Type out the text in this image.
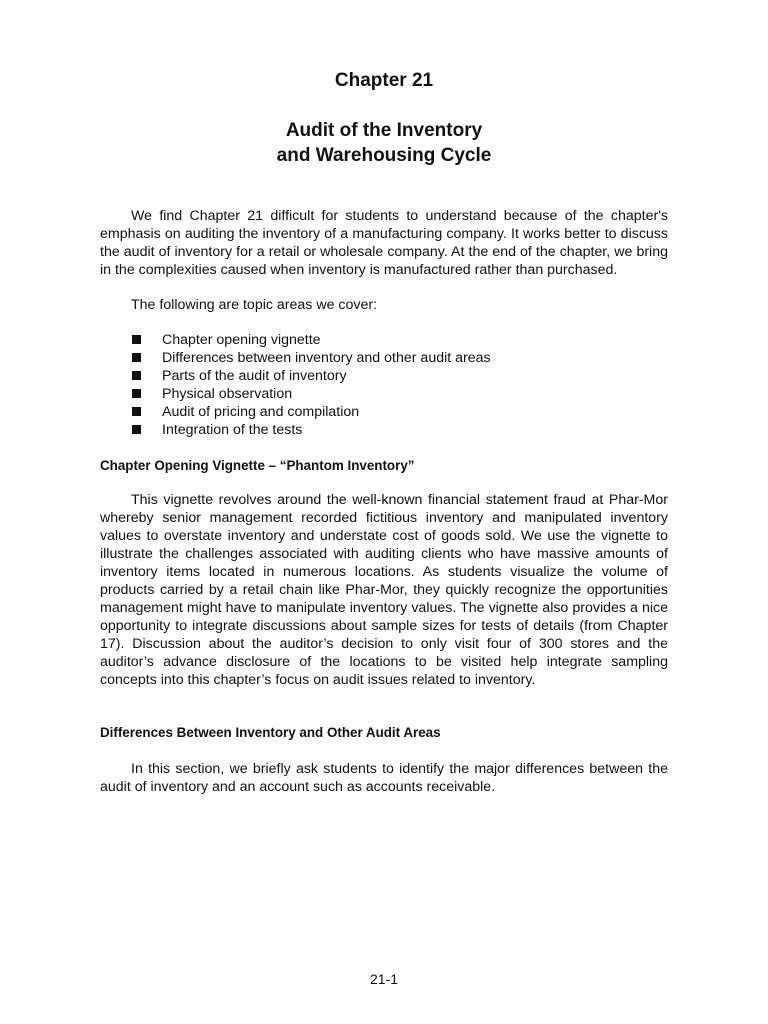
Chapter 21
Audit of the Inventory
and Warehousing Cycle

We find Chapter 21 difficult for students to understand because of the chapter's emphasis on auditing the inventory of a manufacturing company. It works better to discuss the audit of inventory for a retail or wholesale company. At the end of the chapter, we bring in the complexities caused when inventory is manufactured rather than purchased.

The following are topic areas we cover:

Chapter opening vignette
Differences between inventory and other audit areas
Parts of the audit of inventory
Physical observation
Audit of pricing and compilation
Integration of the tests
Chapter Opening Vignette – “Phantom Inventory”

This vignette revolves around the well-known financial statement fraud at Phar-Mor whereby senior management recorded fictitious inventory and manipulated inventory values to overstate inventory and understate cost of goods sold. We use the vignette to illustrate the challenges associated with auditing clients who have massive amounts of inventory items located in numerous locations. As students visualize the volume of products carried by a retail chain like Phar-Mor, they quickly recognize the opportunities management might have to manipulate inventory values. The vignette also provides a nice opportunity to integrate discussions about sample sizes for tests of details (from Chapter 17). Discussion about the auditor’s decision to only visit four of 300 stores and the auditor’s advance disclosure of the locations to be visited help integrate sampling concepts into this chapter’s focus on audit issues related to inventory.

Differences Between Inventory and Other Audit Areas

In this section, we briefly ask students to identify the major differences between the audit of inventory and an account such as accounts receivable.

21-1
